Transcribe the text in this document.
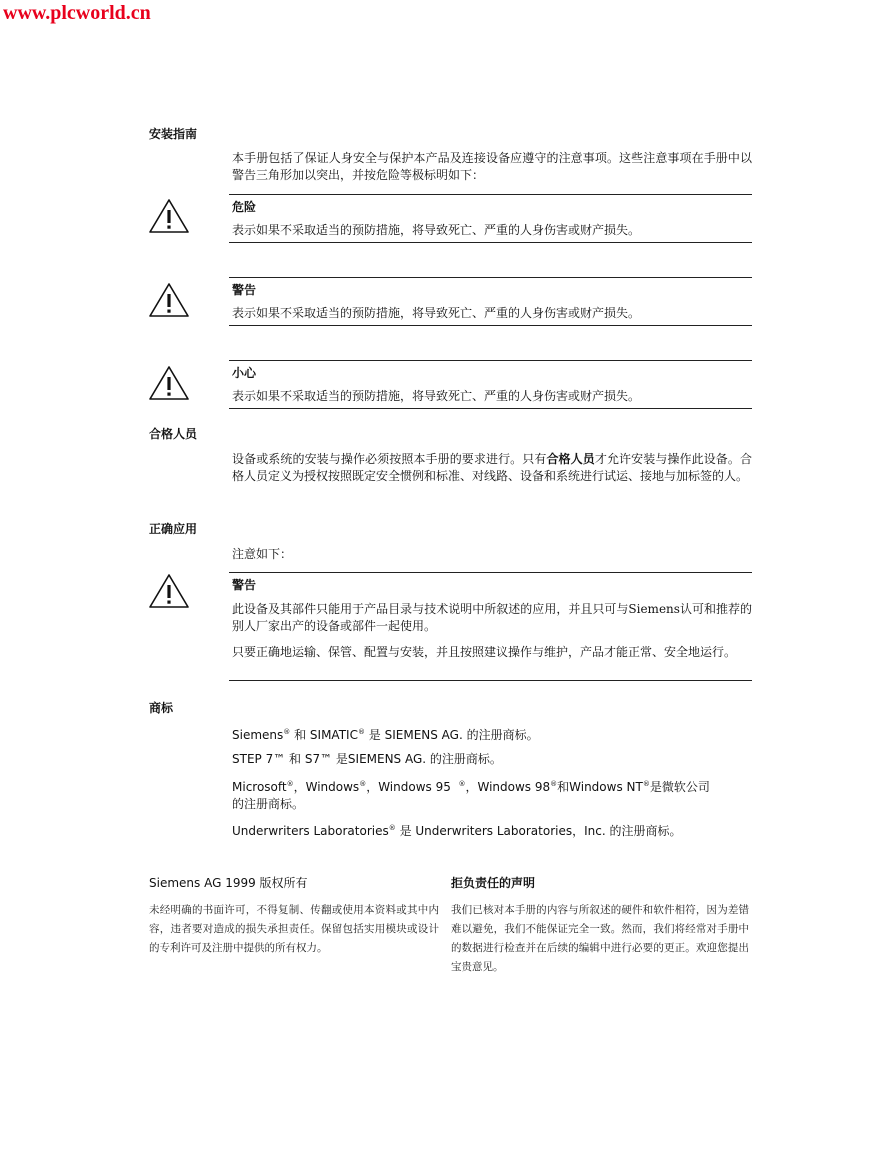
www.plcworld.cn
安装指南

本手册包括了保证人身安全与保护本产品及连接设备应遵守的注意事项。这些注意事项在手册中以警告三角形加以突出，并按危险等极标明如下：

危险

表示如果不采取适当的预防措施，将导致死亡、严重的人身伤害或财产损失。

警告

表示如果不采取适当的预防措施，将导致死亡、严重的人身伤害或财产损失。

小心

表示如果不采取适当的预防措施，将导致死亡、严重的人身伤害或财产损失。

合格人员

设备或系统的安装与操作必须按照本手册的要求进行。只有合格人员才允许安装与操作此设备。合格人员定义为授权按照既定安全惯例和标准、对线路、设备和系统进行试运、接地与加标签的人。

正确应用

注意如下：

警告

此设备及其部件只能用于产品目录与技术说明中所叙述的应用，并且只可与Siemens认可和推荐的别人厂家出产的设备或部件一起使用。

只要正确地运输、保管、配置与安装，并且按照建议操作与维护，产品才能正常、安全地运行。

商标
Siemens® 和 SIMATIC® 是 SIEMENS AG. 的注册商标。
STEP 7™ 和 S7™ 是SIEMENS AG. 的注册商标。
Microsoft®，Windows®，Windows 95 ®，Windows 98®和Windows NT®是微软公司
的注册商标。
Underwriters Laboratories® 是 Underwriters Laboratories，Inc. 的注册商标。
Siemens AG 1999 版权所有

未经明确的书面许可，不得复制、传翻或使用本资料或其中内容，违者要对造成的损失承担责任。保留包括实用模块或设计的专利许可及注册中提供的所有权力。

拒负责任的声明

我们已核对本手册的内容与所叙述的硬件和软件相符，因为差错难以避免，我们不能保证完全一致。然而，我们将经常对手册中的数据进行检查并在后续的编辑中进行必要的更正。欢迎您提出宝贵意见。
